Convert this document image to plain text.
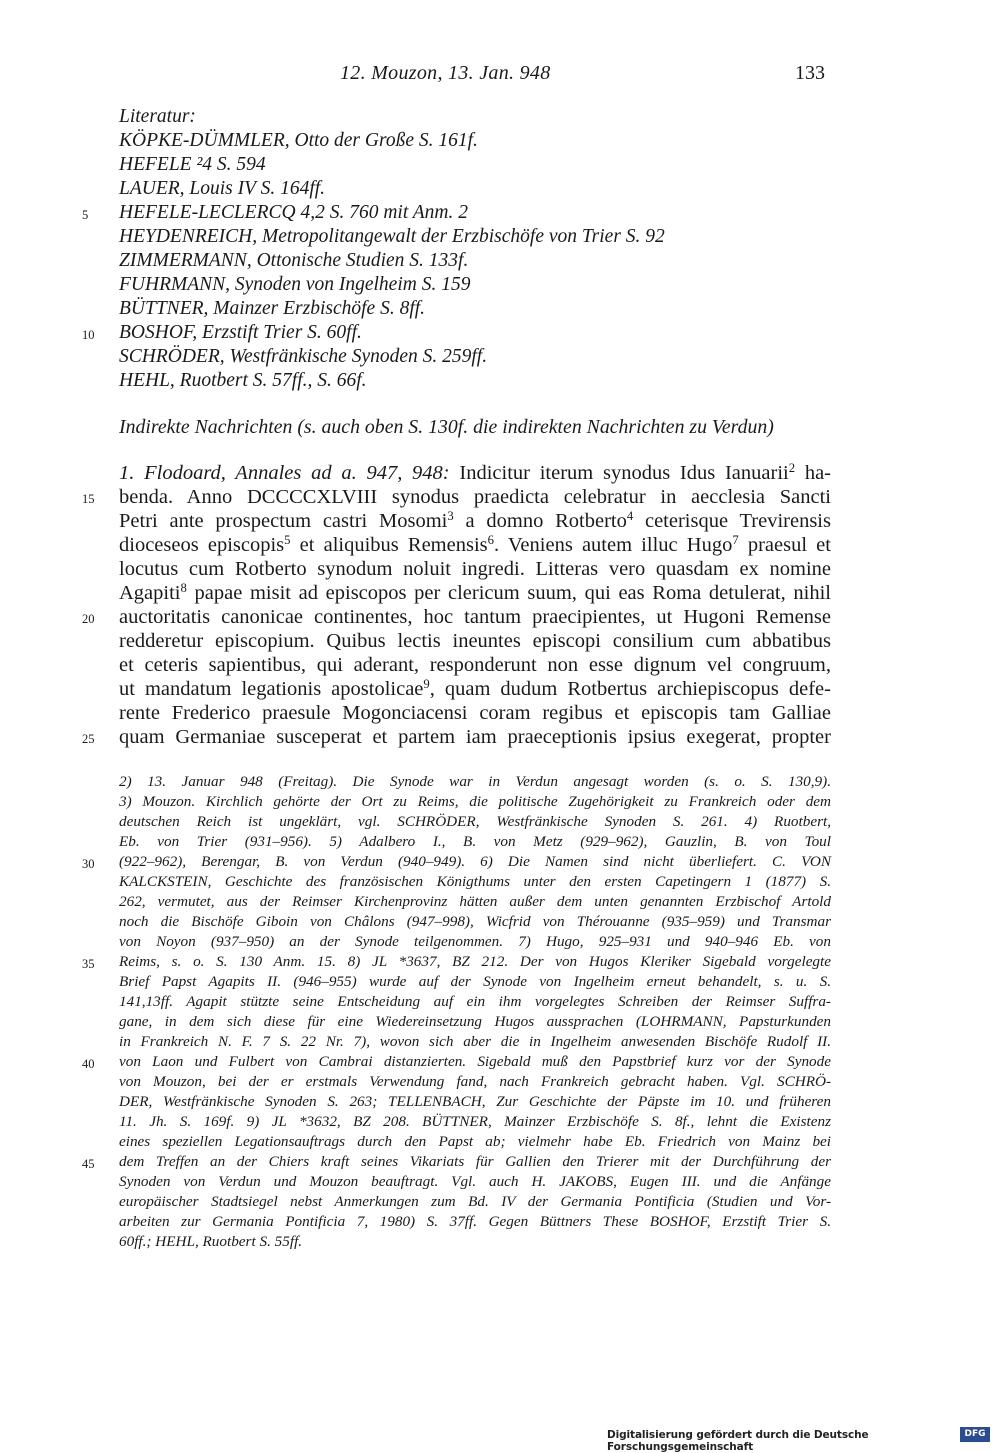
12. Mouzon, 13. Jan. 948	133
Literatur:
KÖPKE-DÜMMLER, Otto der Große S. 161f.
HEFELE ²4 S. 594
LAUER, Louis IV S. 164ff.
HEFELE-LECLERCQ 4,2 S. 760 mit Anm. 2
HEYDENREICH, Metropolitangewalt der Erzbischöfe von Trier S. 92
ZIMMERMANN, Ottonische Studien S. 133f.
FUHRMANN, Synoden von Ingelheim S. 159
BÜTTNER, Mainzer Erzbischöfe S. 8ff.
BOSHOF, Erzstift Trier S. 60ff.
SCHRÖDER, Westfränkische Synoden S. 259ff.
HEHL, Ruotbert S. 57ff., S. 66f.
Indirekte Nachrichten (s. auch oben S. 130f. die indirekten Nachrichten zu Verdun)
1. Flodoard, Annales ad a. 947, 948: Indicitur iterum synodus Idus Ianuarii$^2$ ha-
benda. Anno DCCCCXLVIII synodus praedicta celebratur in aecclesia Sancti
Petri ante prospectum castri Mosomi$^3$ a domno Rotberto$^4$ ceterisque Trevirensis
dioceseos episcopis$^5$ et aliquibus Remensis$^6$. Veniens autem illuc Hugo$^7$ praesul et
locutus cum Rotberto synodum noluit ingredi. Litteras vero quasdam ex nomine
Agapiti$^8$ papae misit ad episcopos per clericum suum, qui eas Roma detulerat, nihil
auctoritatis canonicae continentes, hoc tantum praecipientes, ut Hugoni Remense
redderetur episcopium. Quibus lectis ineuntes episcopi consilium cum abbatibus
et ceteris sapientibus, qui aderant, responderunt non esse dignum vel congruum,
ut mandatum legationis apostolicae$^9$, quam dudum Rotbertus archiepiscopus defe-
rente Frederico praesule Mogonciacensi coram regibus et episcopis tam Galliae
quam Germaniae susceperat et partem iam praeceptionis ipsius exegerat, propter
2) 13. Januar 948 (Freitag). Die Synode war in Verdun angesagt worden (s. o. S. 130,9).
3) Mouzon. Kirchlich gehörte der Ort zu Reims, die politische Zugehörigkeit zu Frankreich oder dem
deutschen Reich ist ungeklärt, vgl. SCHRÖDER, Westfränkische Synoden S. 261. 4) Ruotbert,
Eb. von Trier (931–956). 5) Adalbero I., B. von Metz (929–962), Gauzlin, B. von Toul
(922–962), Berengar, B. von Verdun (940–949). 6) Die Namen sind nicht überliefert. C. VON
KALCKSTEIN, Geschichte des französischen Königthums unter den ersten Capetingern 1 (1877) S.
262, vermutet, aus der Reimser Kirchenprovinz hätten außer dem unten genannten Erzbischof Artold
noch die Bischöfe Giboin von Châlons (947–998), Wicfrid von Thérouanne (935–959) und Transmar
von Noyon (937–950) an der Synode teilgenommen. 7) Hugo, 925–931 und 940–946 Eb. von
Reims, s. o. S. 130 Anm. 15. 8) JL *3637, BZ 212. Der von Hugos Kleriker Sigebald vorgelegte
Brief Papst Agapits II. (946–955) wurde auf der Synode von Ingelheim erneut behandelt, s. u. S.
141,13ff. Agapit stützte seine Entscheidung auf ein ihm vorgelegtes Schreiben der Reimser Suffra-
gane, in dem sich diese für eine Wiedereinsetzung Hugos aussprachen (LOHRMANN, Papsturkunden
in Frankreich N. F. 7 S. 22 Nr. 7), wovon sich aber die in Ingelheim anwesenden Bischöfe Rudolf II.
von Laon und Fulbert von Cambrai distanzierten. Sigebald muß den Papstbrief kurz vor der Synode
von Mouzon, bei der er erstmals Verwendung fand, nach Frankreich gebracht haben. Vgl. SCHRÖ-
DER, Westfränkische Synoden S. 263; TELLENBACH, Zur Geschichte der Päpste im 10. und früheren
11. Jh. S. 169f. 9) JL *3632, BZ 208. BÜTTNER, Mainzer Erzbischöfe S. 8f., lehnt die Existenz
eines speziellen Legationsauftrags durch den Papst ab; vielmehr habe Eb. Friedrich von Mainz bei
dem Treffen an der Chiers kraft seines Vikariats für Gallien den Trierer mit der Durchführung der
Synoden von Verdun und Mouzon beauftragt. Vgl. auch H. JAKOBS, Eugen III. und die Anfänge
europäischer Stadtsiegel nebst Anmerkungen zum Bd. IV der Germania Pontificia (Studien und Vor-
arbeiten zur Germania Pontificia 7, 1980) S. 37ff. Gegen Büttners These BOSHOF, Erzstift Trier S.
60ff.; HEHL, Ruotbert S. 55ff.
5
10
15
20
25
30
35
40
45
Digitalisierung gefördert durch die Deutsche Forschungsgemeinschaft
DFG
